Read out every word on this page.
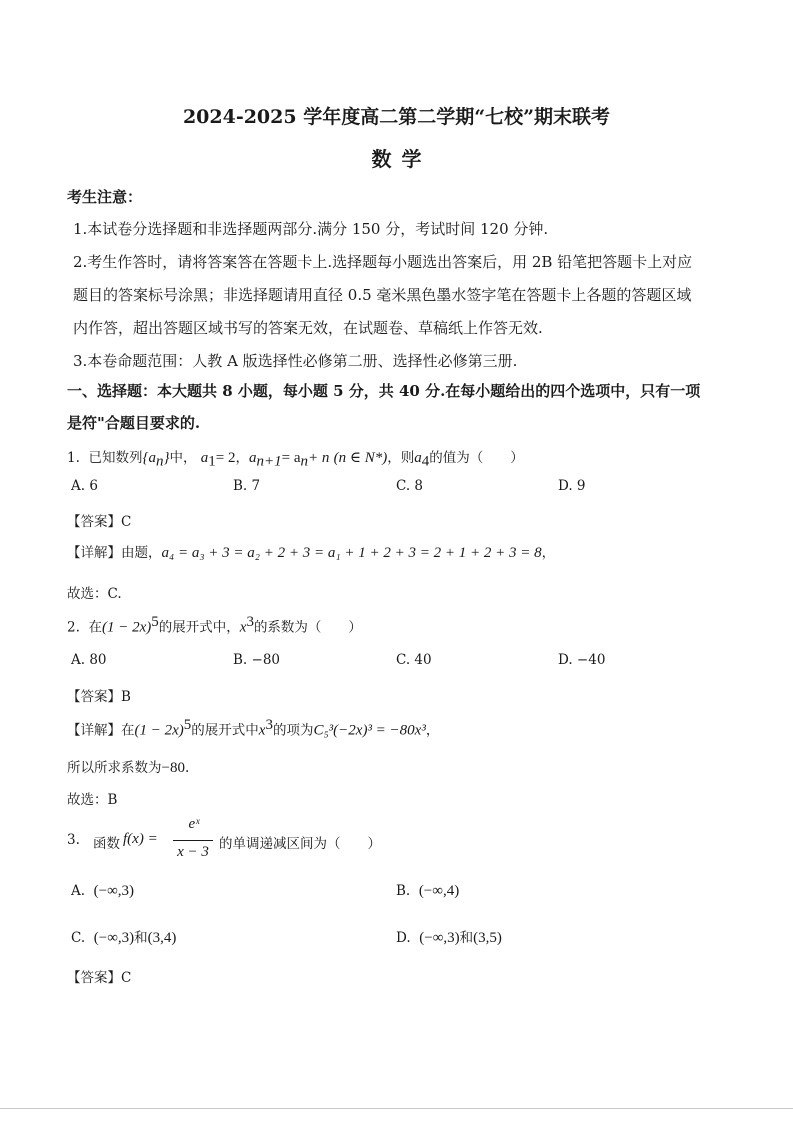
2024-2025 学年度高二第二学期“七校”期末联考
数学
考生注意：
1.本试卷分选择题和非选择题两部分.满分 150 分，考试时间 120 分钟.
2.考生作答时，请将答案答在答题卡上.选择题每小题选出答案后，用 2B 铅笔把答题卡上对应
题目的答案标号涂黑；非选择题请用直径 0.5 毫米黑色墨水签字笔在答题卡上各题的答题区域
内作答，超出答题区域书写的答案无效，在试题卷、草稿纸上作答无效.
3.本卷命题范围：人教 A 版选择性必修第二册、选择性必修第三册.
一、选择题：本大题共 8 小题，每小题 5 分，共 40 分.在每小题给出的四个选项中，只有一项
是符"合题目要求的.
1. 已知数列$\{a_n\}$中， $a_1= 2$，$a_{n+1}= a_n+ n$ (n ∈ N*)，则$a_4$的值为（　　）
A. 6	B. 7	C. 8	D. 9
【答案】C
【详解】由题，a₄ = a₃ + 3 = a₂ + 2 + 3 = a₁ + 1 + 2 + 3 = 2 + 1 + 2 + 3 = 8，
故选：C.
2. 在$(1 - 2x)^5$的展开式中，$x^3$的系数为（　　）
A. 80	B. −80	C. 40	D. −40
【答案】B
【详解】在$(1 - 2x)^5$的展开式中$x^3$的项为C₅³(−2x)³ = −80x³，
所以所求系数为−80.
故选：B
3. 函数 f(x) =
eˣ
x − 3 的单调递减区间为（　　）
A. (−∞,3)	B. (−∞,4)
C. (−∞,3)和(3,4)	D. (−∞,3)和(3,5)
【答案】C
